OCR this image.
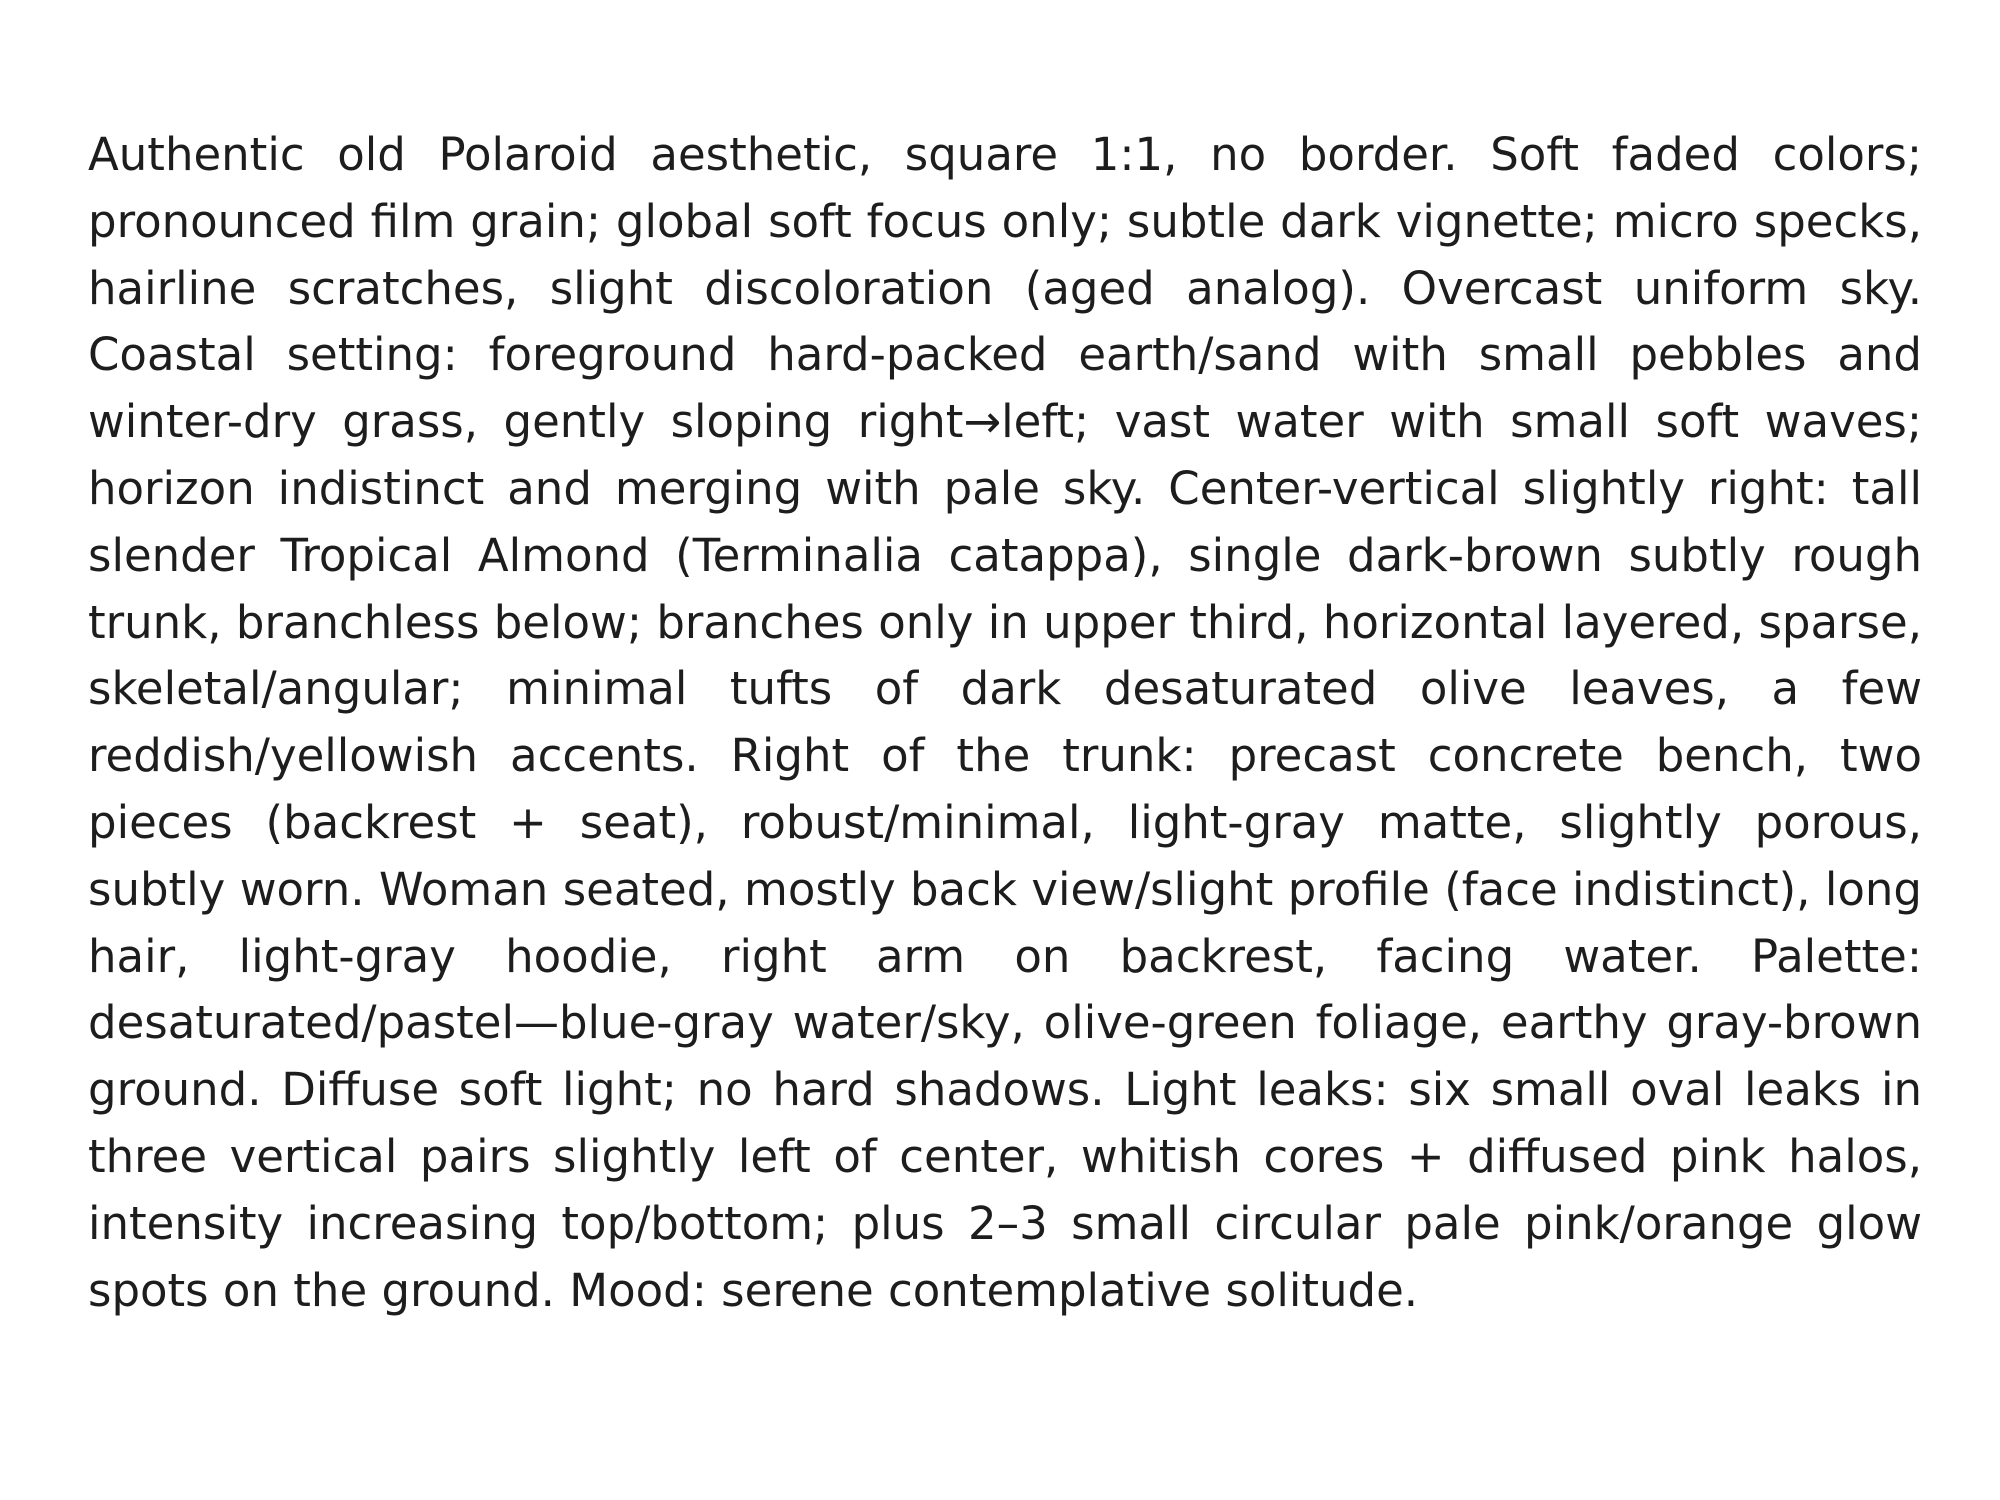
Authentic old Polaroid aesthetic, square 1:1, no border. Soft faded colors; pronounced film grain; global soft focus only; subtle dark vignette; micro specks, hairline scratches, slight discoloration (aged analog). Overcast uniform sky. Coastal setting: foreground hard-packed earth/sand with small pebbles and winter-dry grass, gently sloping right→left; vast water with small soft waves; horizon indistinct and merging with pale sky. Center-vertical slightly right: tall slender Tropical Almond (Terminalia catappa), single dark-brown subtly rough trunk, branchless below; branches only in upper third, horizontal layered, sparse, skeletal/angular; minimal tufts of dark desaturated olive leaves, a few reddish/yellowish accents. Right of the trunk: precast concrete bench, two pieces (backrest + seat), robust/minimal, light-gray matte, slightly porous, subtly worn. Woman seated, mostly back view/slight profile (face indistinct), long hair, light-gray hoodie, right arm on backrest, facing water. Palette: desaturated/pastel—blue-gray water/sky, olive-green foliage, earthy gray-brown ground. Diffuse soft light; no hard shadows. Light leaks: six small oval leaks in three vertical pairs slightly left of center, whitish cores + diffused pink halos, intensity increasing top/bottom; plus 2–3 small circular pale pink/orange glow spots on the ground. Mood: serene contemplative solitude.
